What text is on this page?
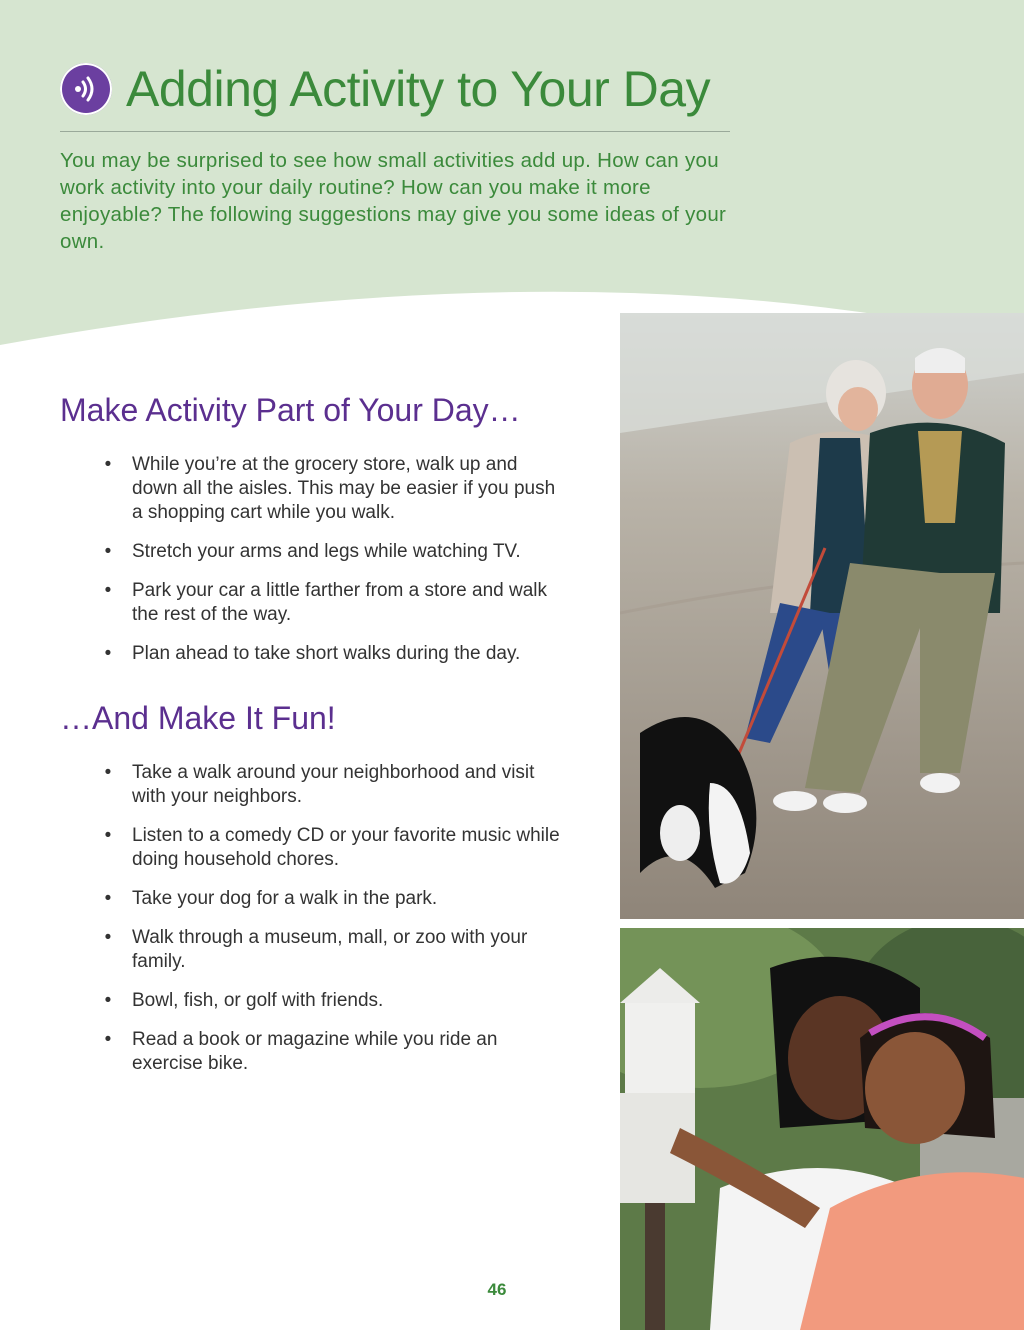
Adding Activity to Your Day

You may be surprised to see how small activities add up. How can you work activity into your daily routine? How can you make it more enjoyable? The following suggestions may give you some ideas of your own.

Make Activity Part of Your Day…
• While you’re at the grocery store, walk up and down all the aisles. This may be easier if you push a shopping cart while you walk.
• Stretch your arms and legs while watching TV.
• Park your car a little farther from a store and walk the rest of the way.
• Plan ahead to take short walks during the day.
…And Make It Fun!
• Take a walk around your neighborhood and visit with your neighbors.
• Listen to a comedy CD or your favorite music while doing household chores.
• Take your dog for a walk in the park.
• Walk through a museum, mall, or zoo with your family.
• Bowl, fish, or golf with friends.
• Read a book or magazine while you ride an exercise bike.
46
